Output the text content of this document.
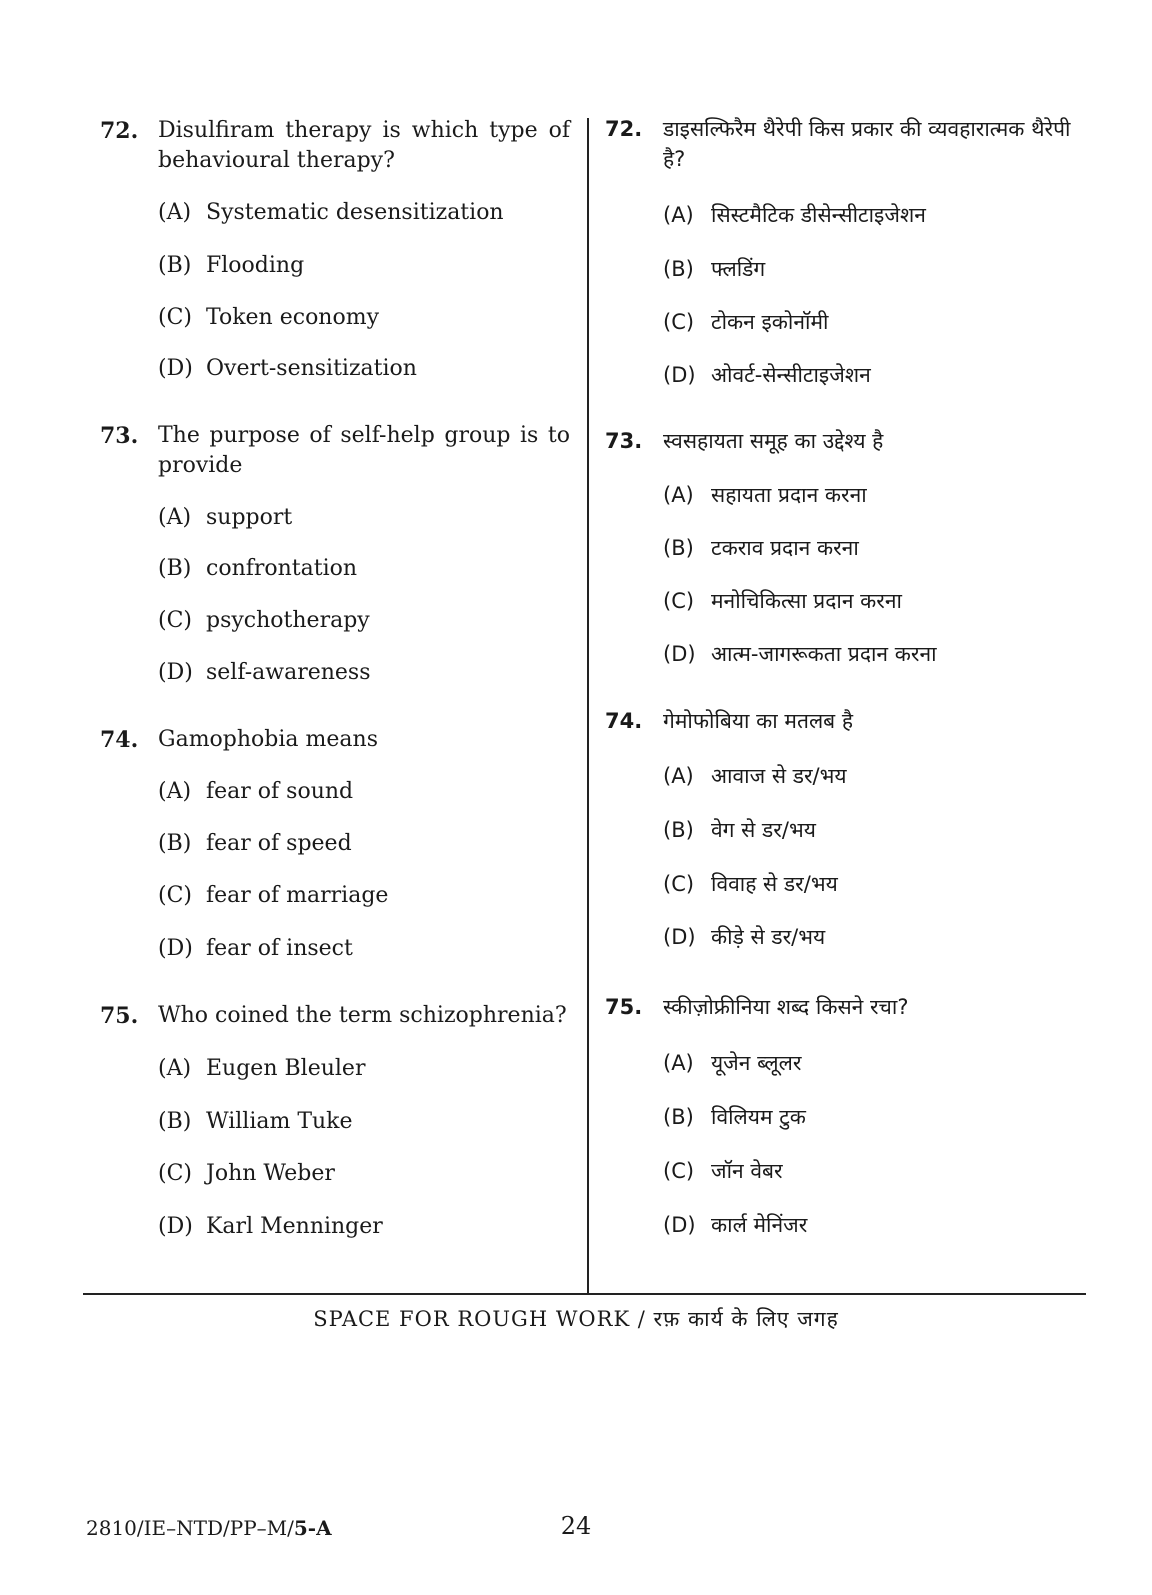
72. Disulfiram therapy is which type of behavioural therapy?
(A) Systematic desensitization
(B) Flooding
(C) Token economy
(D) Overt-sensitization
73. The purpose of self-help group is to provide
(A) support
(B) confrontation
(C) psychotherapy
(D) self-awareness
74. Gamophobia means
(A) fear of sound
(B) fear of speed
(C) fear of marriage
(D) fear of insect
75. Who coined the term schizophrenia?
(A) Eugen Bleuler
(B) William Tuke
(C) John Weber
(D) Karl Menninger
72. डाइसल्फिरैम थैरेपी किस प्रकार की व्यवहारात्मक थैरेपी है?
(A) सिस्टमैटिक डीसेन्सीटाइजेशन
(B) फ्लडिंग
(C) टोकन इकोनॉमी
(D) ओवर्ट-सेन्सीटाइजेशन
73. स्वसहायता समूह का उद्देश्य है
(A) सहायता प्रदान करना
(B) टकराव प्रदान करना
(C) मनोचिकित्सा प्रदान करना
(D) आत्म-जागरूकता प्रदान करना
74. गेमोफोबिया का मतलब है
(A) आवाज से डर/भय
(B) वेग से डर/भय
(C) विवाह से डर/भय
(D) कीड़े से डर/भय
75. स्कीज़ोफ्रीनिया शब्द किसने रचा?
(A) यूजेन ब्लूलर
(B) विलियम टुक
(C) जॉन वेबर
(D) कार्ल मेनिंजर
SPACE FOR ROUGH WORK / रफ़ कार्य के लिए जगह
2810/IE–NTD/PP–M/5-A	24
